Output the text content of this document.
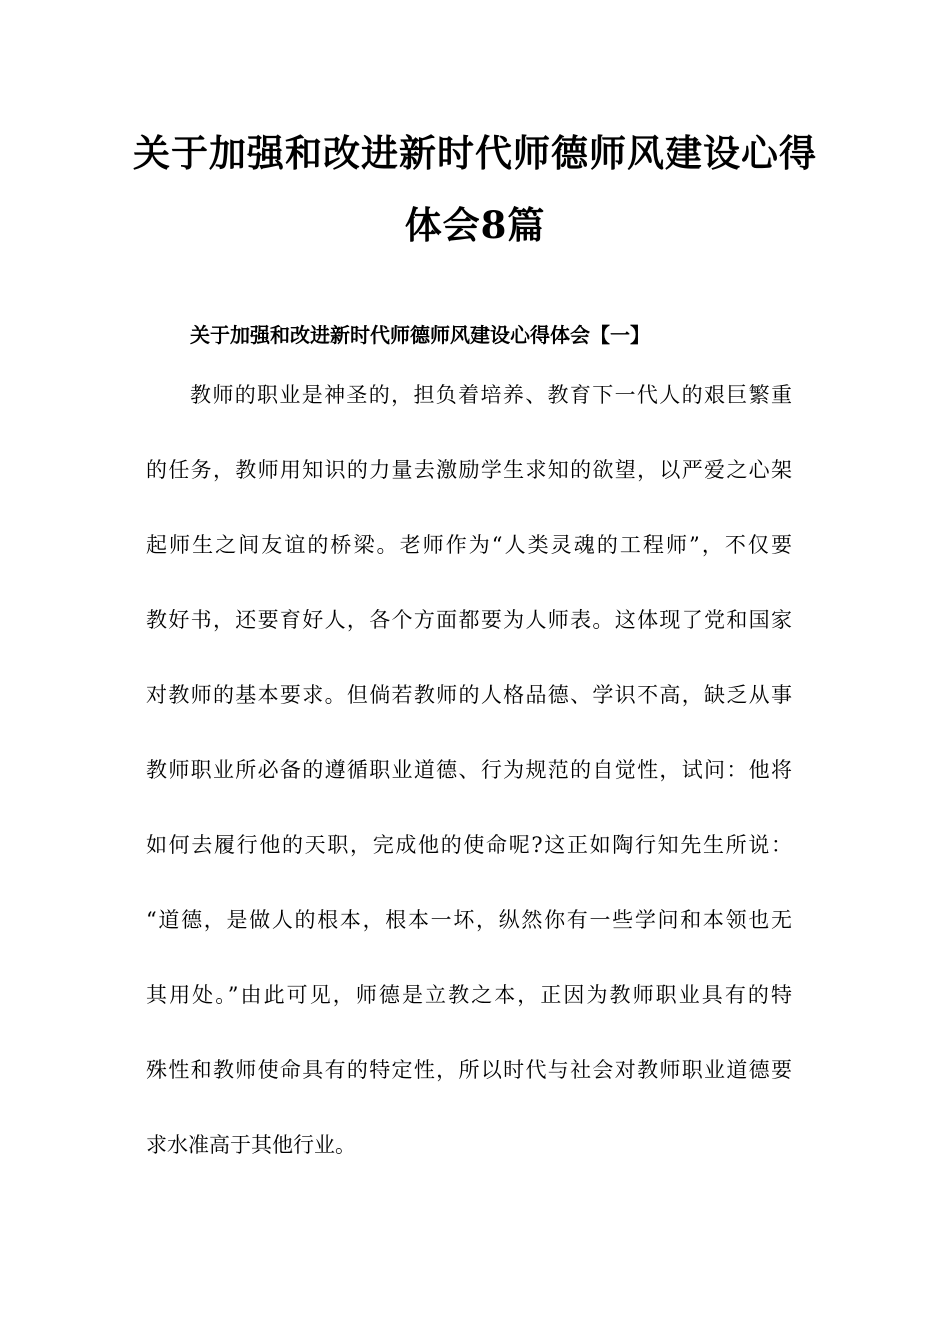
关于加强和改进新时代师德师风建设心得
体会8篇
关于加强和改进新时代师德师风建设心得体会【一】
教师的职业是神圣的，担负着培养、教育下一代人的艰巨繁重
的任务，教师用知识的力量去激励学生求知的欲望，以严爱之心架
起师生之间友谊的桥梁。老师作为“人类灵魂的工程师”，不仅要
教好书，还要育好人，各个方面都要为人师表。这体现了党和国家
对教师的基本要求。但倘若教师的人格品德、学识不高，缺乏从事
教师职业所必备的遵循职业道德、行为规范的自觉性，试问：他将
如何去履行他的天职，完成他的使命呢?这正如陶行知先生所说：
“道德，是做人的根本，根本一坏，纵然你有一些学问和本领也无
其用处。”由此可见，师德是立教之本，正因为教师职业具有的特
殊性和教师使命具有的特定性，所以时代与社会对教师职业道德要
求水准高于其他行业。
